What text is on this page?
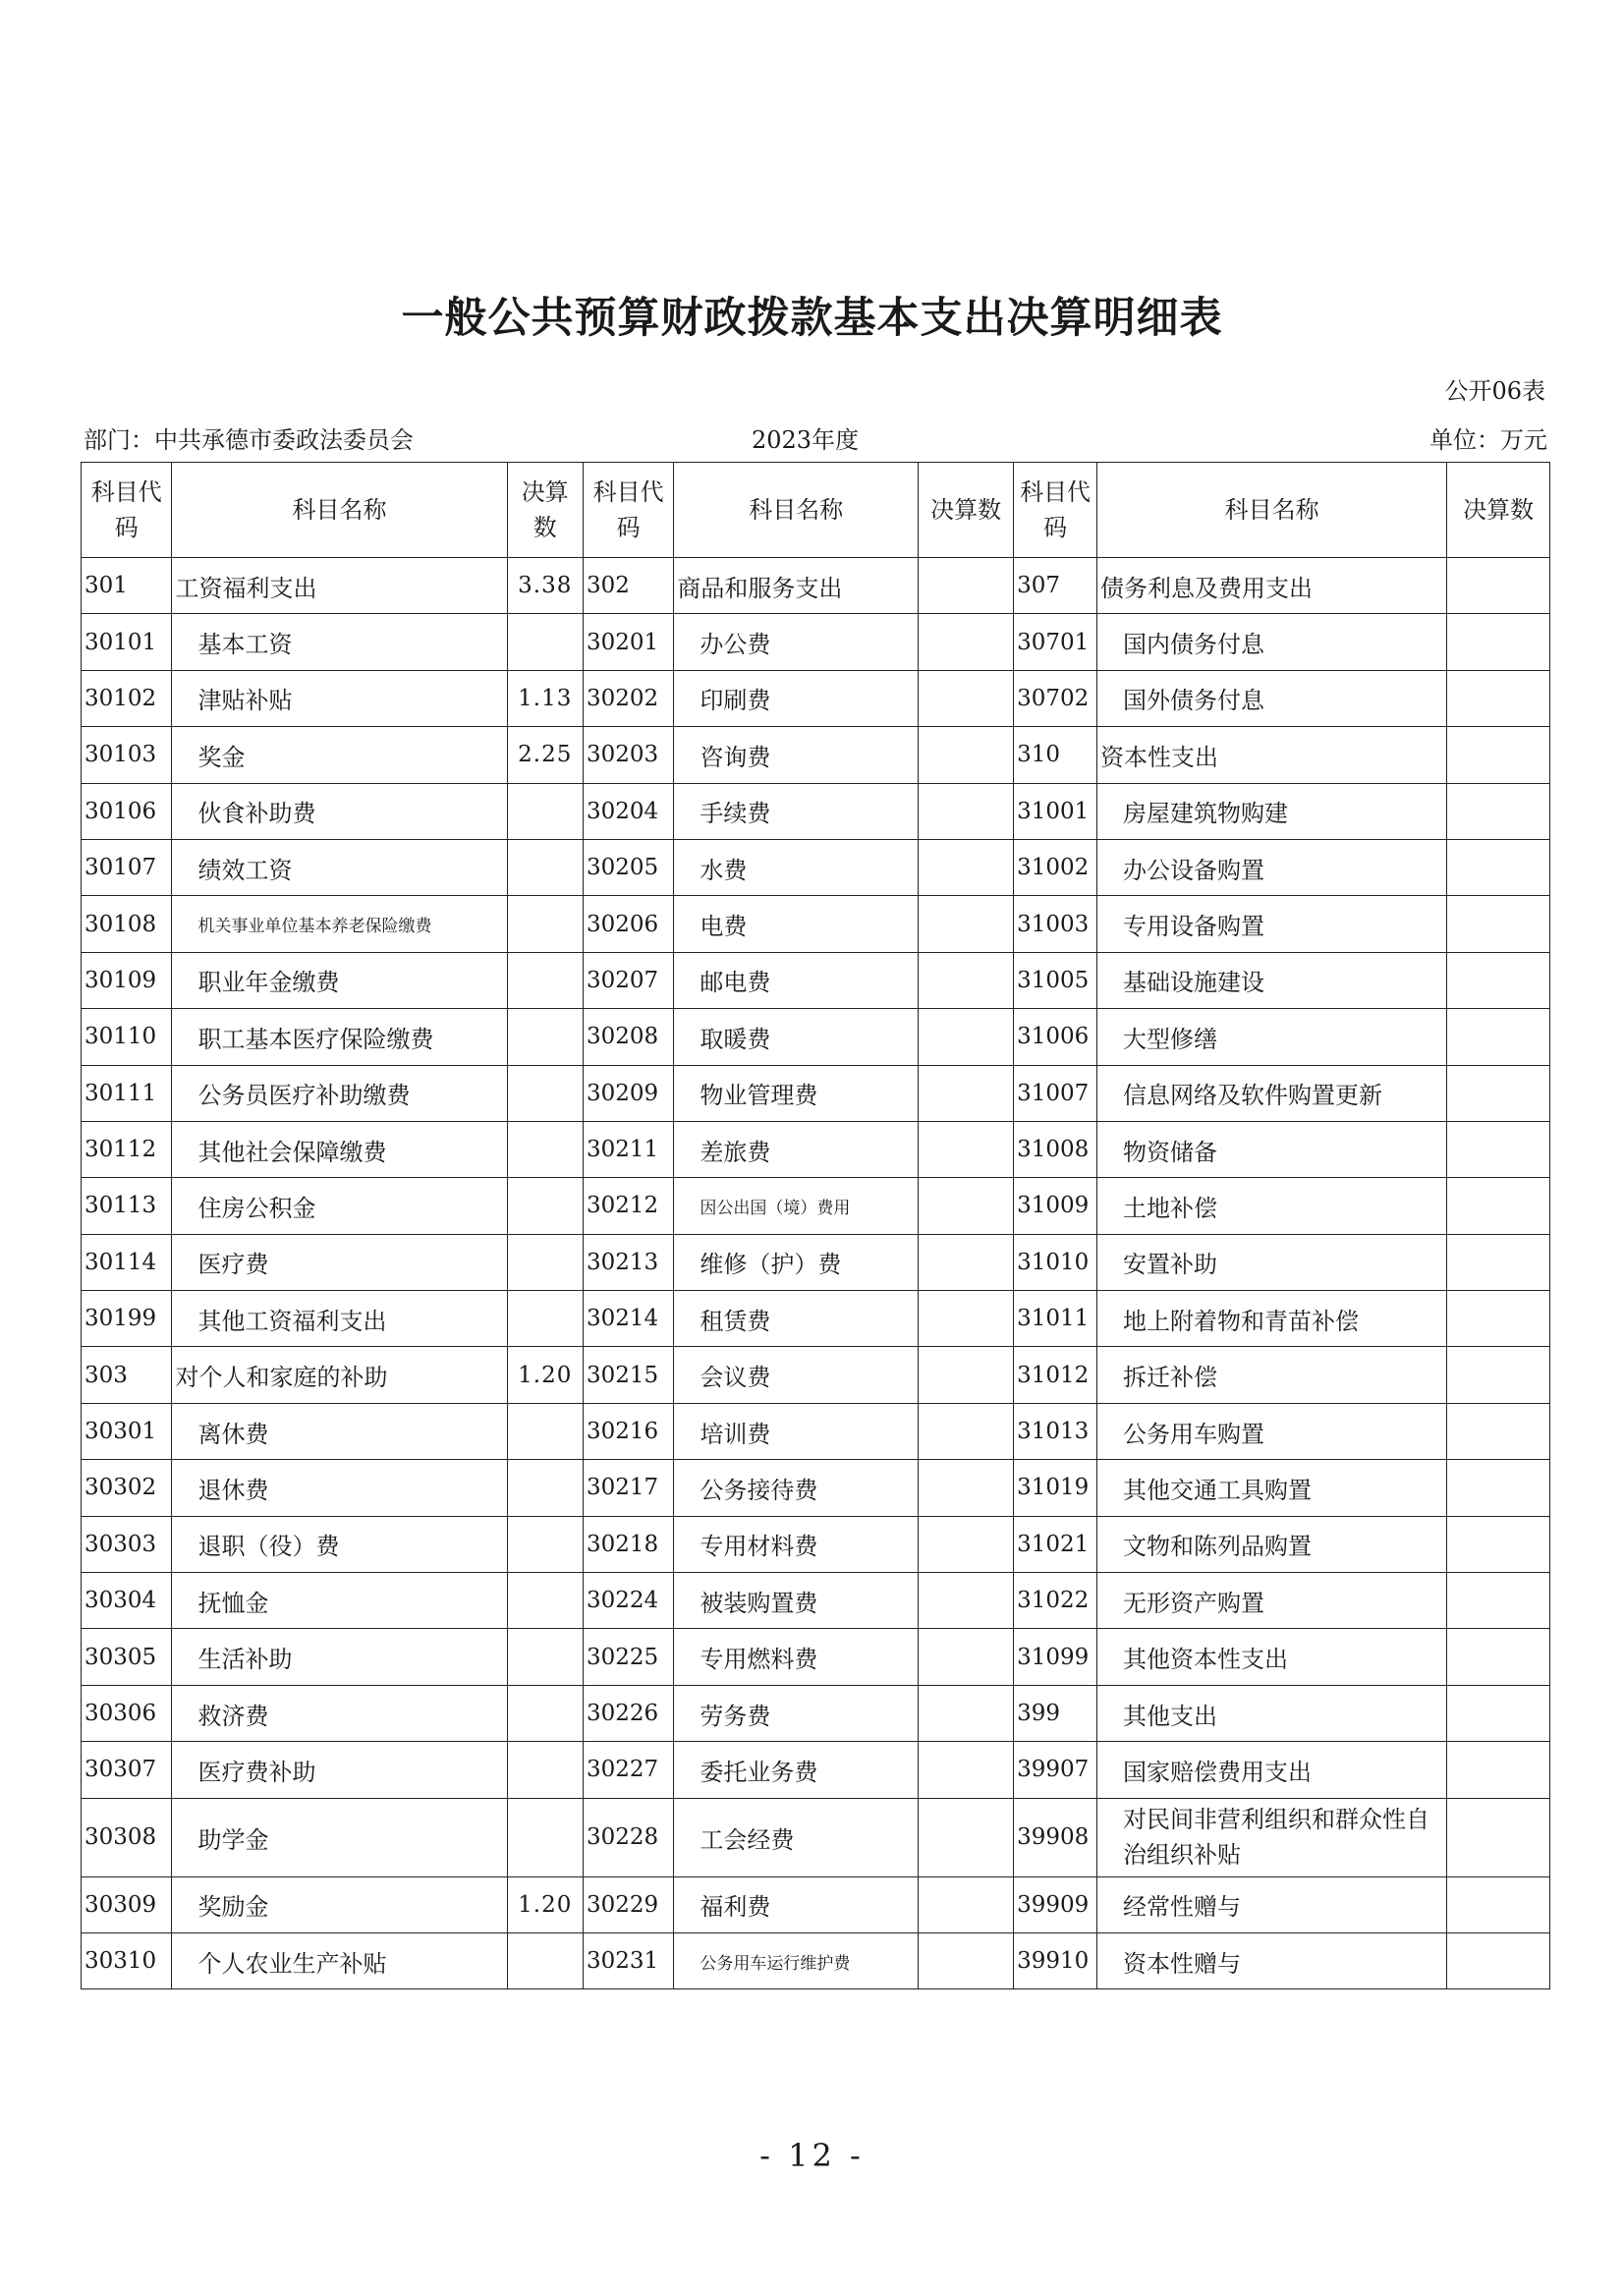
一般公共预算财政拨款基本支出决算明细表
公开06表
部门：中共承德市委政法委员会	2023年度	单位：万元
科目代码	科目名称	决算数	科目代码	科目名称	决算数	科目代码	科目名称	决算数
301	工资福利支出	3.38	302	商品和服务支出		307	债务利息及费用支出	
30101	基本工资		30201	办公费		30701	国内债务付息	
30102	津贴补贴	1.13	30202	印刷费		30702	国外债务付息	
30103	奖金	2.25	30203	咨询费		310	资本性支出	
30106	伙食补助费		30204	手续费		31001	房屋建筑物购建	
30107	绩效工资		30205	水费		31002	办公设备购置	
30108	机关事业单位基本养老保险缴费		30206	电费		31003	专用设备购置	
30109	职业年金缴费		30207	邮电费		31005	基础设施建设	
30110	职工基本医疗保险缴费		30208	取暖费		31006	大型修缮	
30111	公务员医疗补助缴费		30209	物业管理费		31007	信息网络及软件购置更新	
30112	其他社会保障缴费		30211	差旅费		31008	物资储备	
30113	住房公积金		30212	因公出国（境）费用		31009	土地补偿	
30114	医疗费		30213	维修（护）费		31010	安置补助	
30199	其他工资福利支出		30214	租赁费		31011	地上附着物和青苗补偿	
303	对个人和家庭的补助	1.20	30215	会议费		31012	拆迁补偿	
30301	离休费		30216	培训费		31013	公务用车购置	
30302	退休费		30217	公务接待费		31019	其他交通工具购置	
30303	退职（役）费		30218	专用材料费		31021	文物和陈列品购置	
30304	抚恤金		30224	被装购置费		31022	无形资产购置	
30305	生活补助		30225	专用燃料费		31099	其他资本性支出	
30306	救济费		30226	劳务费		399	其他支出	
30307	医疗费补助		30227	委托业务费		39907	国家赔偿费用支出	
30308	助学金		30228	工会经费		39908	对民间非营利组织和群众性自治组织补贴	
30309	奖励金	1.20	30229	福利费		39909	经常性赠与	
30310	个人农业生产补贴		30231	公务用车运行维护费		39910	资本性赠与	
- 12 -
